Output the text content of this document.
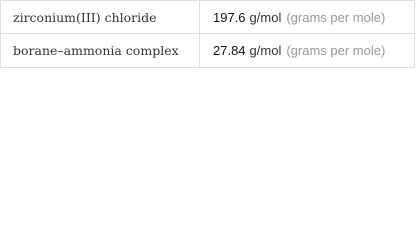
zirconium(III) chloride	197.6 g/mol (grams per mole)
borane–ammonia complex	27.84 g/mol (grams per mole)
